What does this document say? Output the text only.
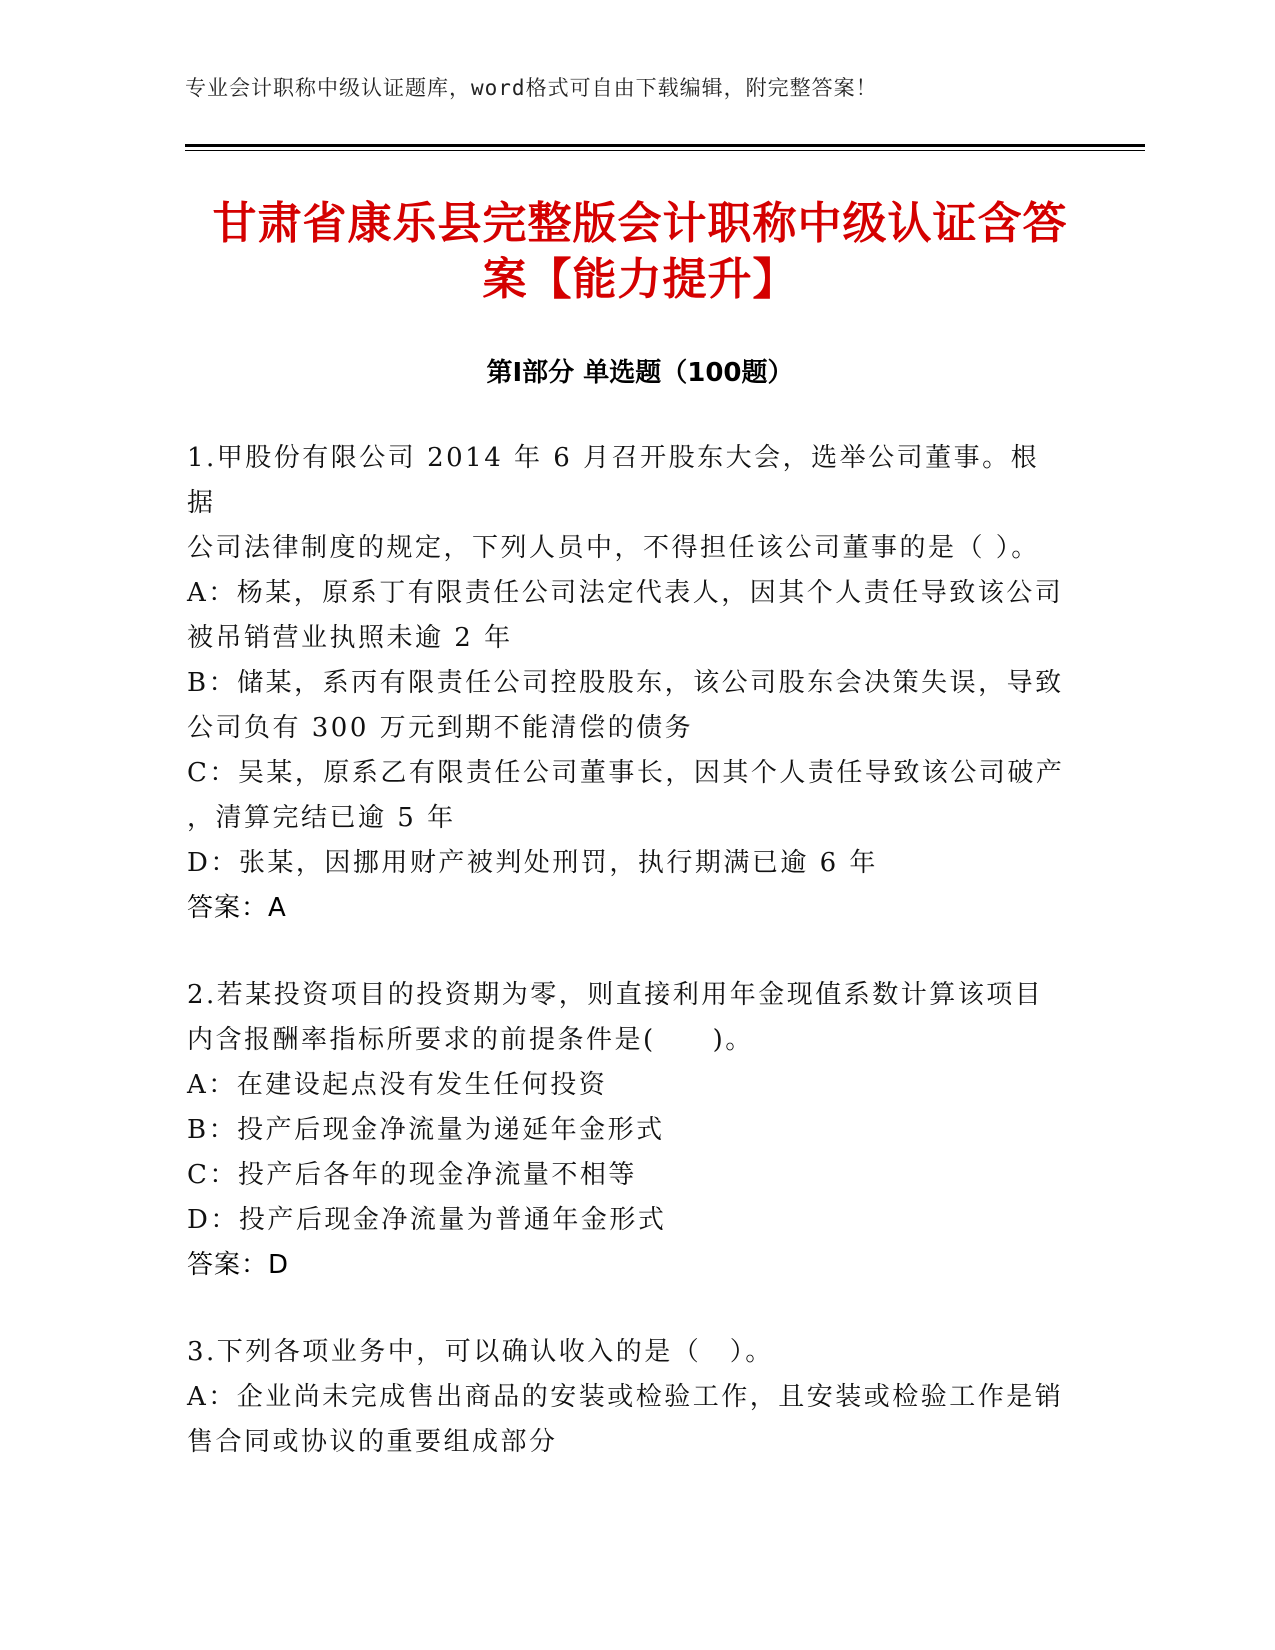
专业会计职称中级认证题库，word格式可自由下载编辑，附完整答案！
甘肃省康乐县完整版会计职称中级认证含答
案【能力提升】
第Ⅰ部分 单选题（100题）
1.甲股份有限公司 2014 年 6 月召开股东大会，选举公司董事。根据
公司法律制度的规定，下列人员中，不得担任该公司董事的是（ ）。
A：杨某，原系丁有限责任公司法定代表人，因其个人责任导致该公司
被吊销营业执照未逾 2 年
B：储某，系丙有限责任公司控股股东，该公司股东会决策失误，导致
公司负有 300 万元到期不能清偿的债务
C：吴某，原系乙有限责任公司董事长，因其个人责任导致该公司破产
，清算完结已逾 5 年
D：张某，因挪用财产被判处刑罚，执行期满已逾 6 年
答案：A
2.若某投资项目的投资期为零，则直接利用年金现值系数计算该项目
内含报酬率指标所要求的前提条件是(　　)。
A：在建设起点没有发生任何投资
B：投产后现金净流量为递延年金形式
C：投产后各年的现金净流量不相等
D：投产后现金净流量为普通年金形式
答案：D
3.下列各项业务中，可以确认收入的是（　）。
A：企业尚未完成售出商品的安装或检验工作，且安装或检验工作是销
售合同或协议的重要组成部分
